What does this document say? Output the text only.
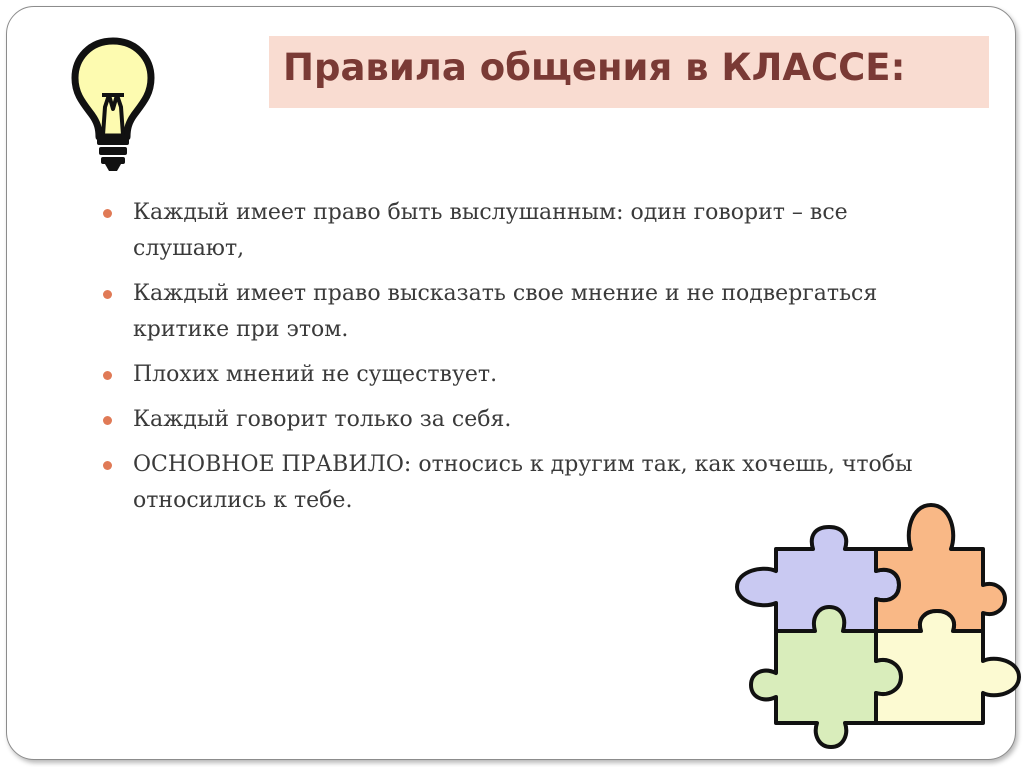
Правила общения в КЛАССЕ:
Каждый имеет право быть выслушанным: один говорит – все слушают,
Каждый имеет право высказать свое мнение и не подвергаться критике при этом.
Плохих мнений не существует.
Каждый говорит только за себя.
ОСНОВНОЕ ПРАВИЛО: относись к другим так, как хочешь, чтобы относились к тебе.
